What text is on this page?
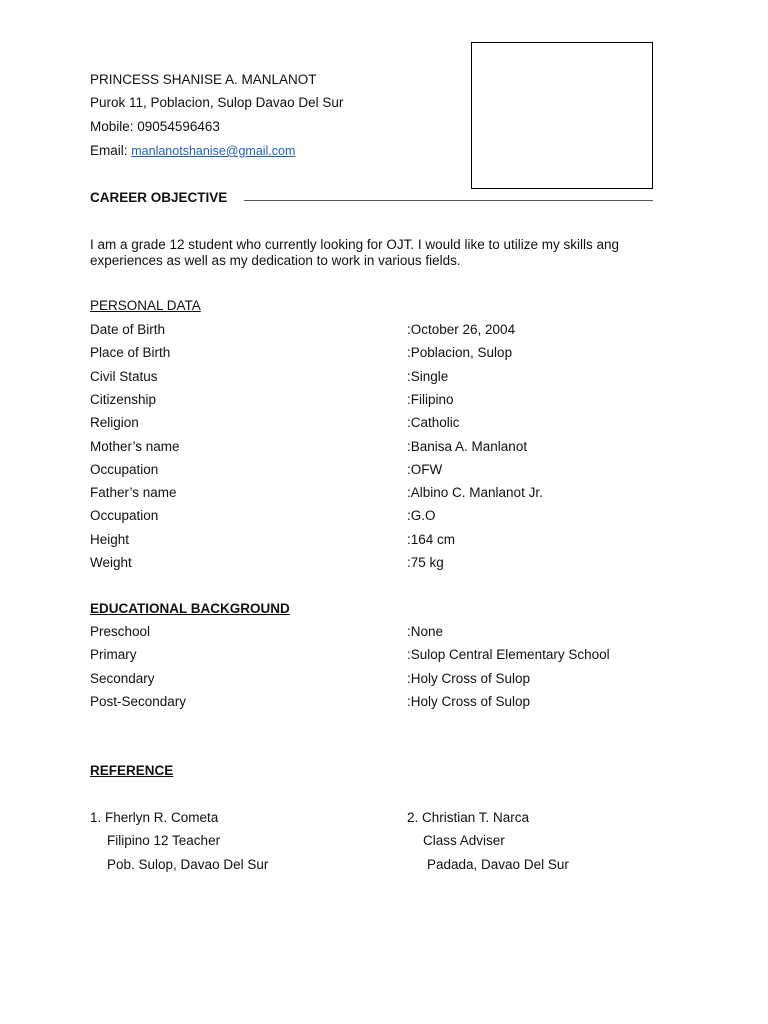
PRINCESS SHANISE A. MANLANOT
Purok 11, Poblacion, Sulop Davao Del Sur
Mobile: 09054596463
Email: manlanotshanise@gmail.com
CAREER OBJECTIVE
I am a grade 12 student who currently looking for OJT. I would like to utilize my skills ang experiences as well as my dedication to work in various fields.
PERSONAL DATA
Date of Birth	:October 26, 2004
Place of Birth	:Poblacion, Sulop
Civil Status	:Single
Citizenship	:Filipino
Religion	:Catholic
Mother’s name	:Banisa A. Manlanot
Occupation	:OFW
Father’s name	:Albino C. Manlanot Jr.
Occupation	:G.O
Height	:164 cm
Weight	:75 kg
EDUCATIONAL BACKGROUND
Preschool	:None
Primary	:Sulop Central Elementary School
Secondary	:Holy Cross of Sulop
Post-Secondary	:Holy Cross of Sulop
REFERENCE
1. Fherlyn R. Cometa
Filipino 12 Teacher
Pob. Sulop, Davao Del Sur
2. Christian T. Narca
Class Adviser
Padada, Davao Del Sur
